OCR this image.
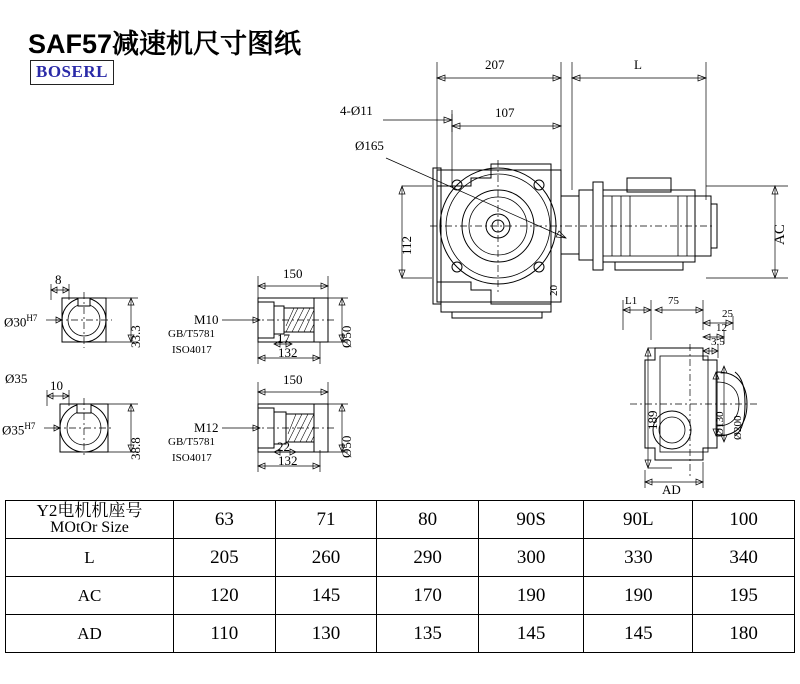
SAF57减速机尺寸图纸
BOSERL	207	L
107
4-Ø11
Ø165
112
AC
20
L1	75
25
12
3.5
189	Ø130 Ø200
AD
8
$Ø30^{H7}$
33.3
Ø35 10
$Ø35^{H7}$
38.8
150
M10
GB/T5781
ISO4017
17
132
Ø50
150
M12
GB/T5781
ISO4017
22
132
Ø50
Y2电机机座号
MOtOr Size	63	71	80	90S	90L	100
L	205	260	290	300	330	340
AC	120	145	170	190	190	195
AD	110	130	135	145	145	180
